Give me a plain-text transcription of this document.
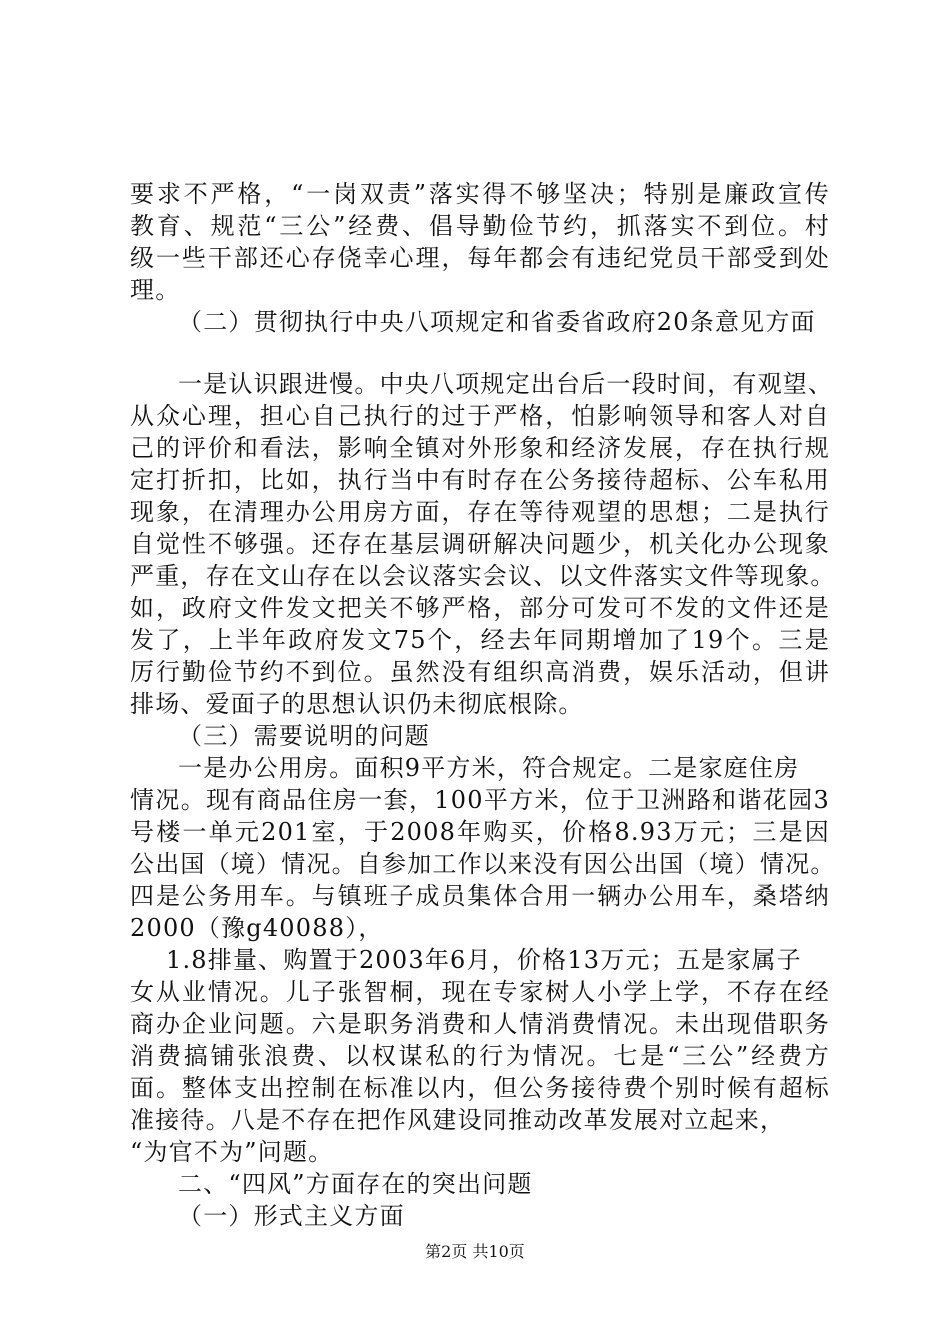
要求不严格，“一岗双责”落实得不够坚决；特别是廉政宣传
教育、规范“三公”经费、倡导勤俭节约，抓落实不到位。村
级一些干部还心存侥幸心理，每年都会有违纪党员干部受到处
理。
（二）贯彻执行中央八项规定和省委省政府20条意见方面
一是认识跟进慢。中央八项规定出台后一段时间，有观望、
从众心理，担心自己执行的过于严格，怕影响领导和客人对自
己的评价和看法，影响全镇对外形象和经济发展，存在执行规
定打折扣，比如，执行当中有时存在公务接待超标、公车私用
现象，在清理办公用房方面，存在等待观望的思想；二是执行
自觉性不够强。还存在基层调研解决问题少，机关化办公现象
严重，存在文山存在以会议落实会议、以文件落实文件等现象。
如，政府文件发文把关不够严格，部分可发可不发的文件还是
发了，上半年政府发文75个，经去年同期增加了19个。三是
厉行勤俭节约不到位。虽然没有组织高消费，娱乐活动，但讲
排场、爱面子的思想认识仍未彻底根除。
（三）需要说明的问题
一是办公用房。面积9平方米，符合规定。二是家庭住房
情况。现有商品住房一套，100平方米，位于卫洲路和谐花园3
号楼一单元201室，于2008年购买，价格8.93万元；三是因
公出国（境）情况。自参加工作以来没有因公出国（境）情况。
四是公务用车。与镇班子成员集体合用一辆办公用车，桑塔纳
2000（豫g40088），
1.8排量、购置于2003年6月，价格13万元；五是家属子
女从业情况。儿子张智桐，现在专家树人小学上学，不存在经
商办企业问题。六是职务消费和人情消费情况。未出现借职务
消费搞铺张浪费、以权谋私的行为情况。七是“三公”经费方
面。整体支出控制在标准以内，但公务接待费个别时候有超标
准接待。八是不存在把作风建设同推动改革发展对立起来，
“为官不为”问题。
二、“四风”方面存在的突出问题
（一）形式主义方面
第2页 共10页
